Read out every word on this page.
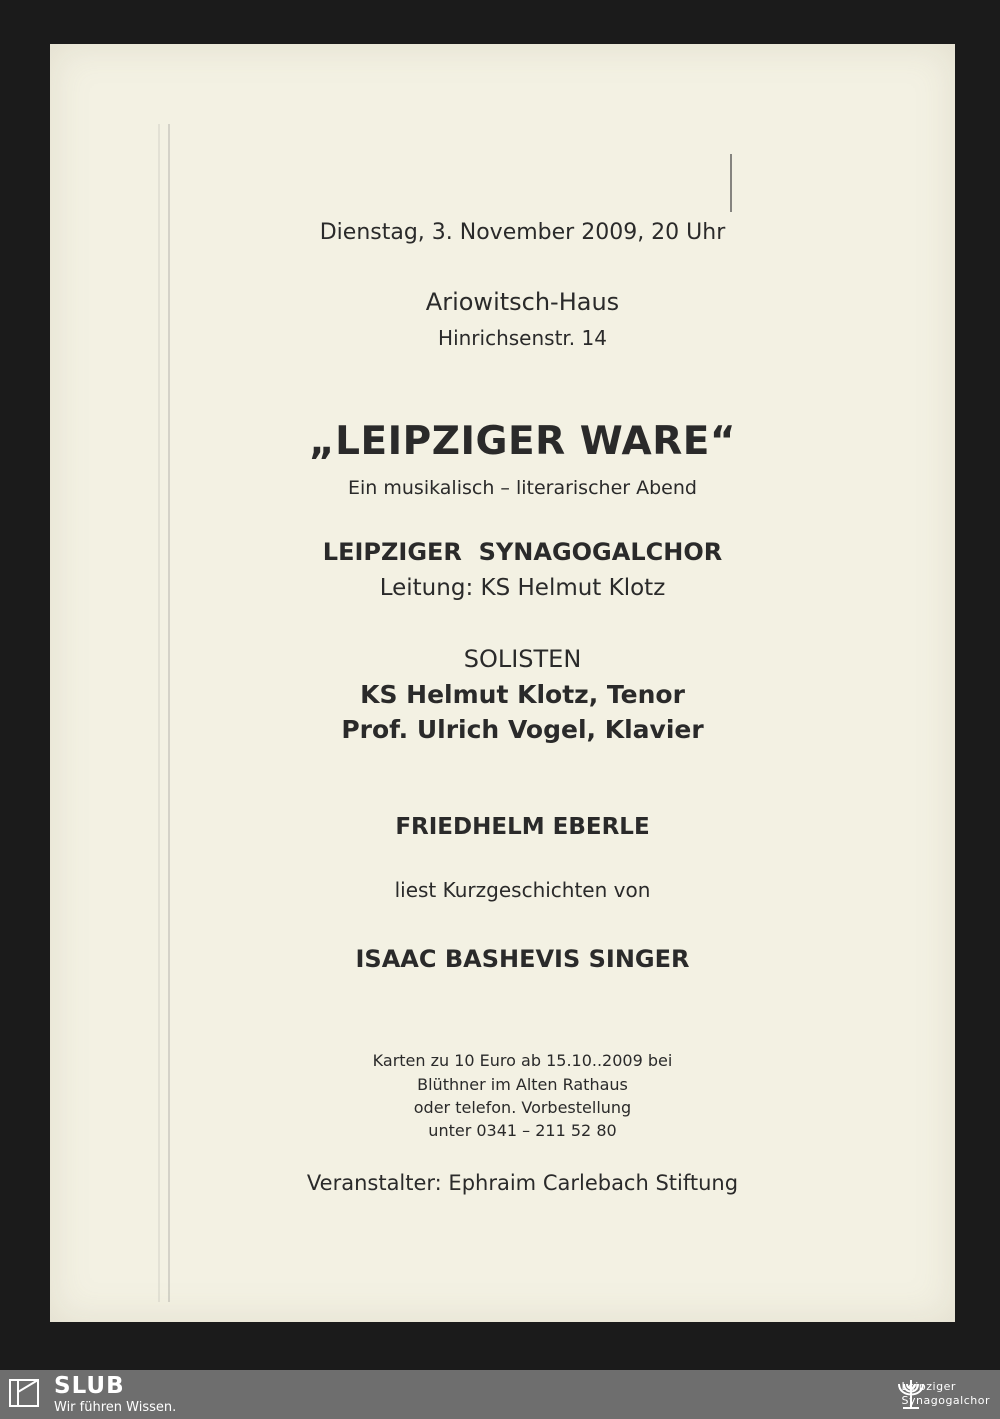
Dienstag, 3. November 2009, 20 Uhr
Ariowitsch-Haus
Hinrichsenstr. 14
„LEIPZIGER WARE“
Ein musikalisch – literarischer Abend
LEIPZIGER  SYNAGOGALCHOR
Leitung: KS Helmut Klotz
SOLISTEN
KS Helmut Klotz, Tenor
Prof. Ulrich Vogel, Klavier
FRIEDHELM EBERLE
liest Kurzgeschichten von
ISAAC BASHEVIS SINGER
Karten zu 10 Euro ab 15.10..2009 bei
Blüthner im Alten Rathaus
oder telefon. Vorbestellung
unter 0341 – 211 52 80
Veranstalter: Ephraim Carlebach Stiftung
SLUB
Wir führen Wissen.
Leipziger
Synagogalchor
